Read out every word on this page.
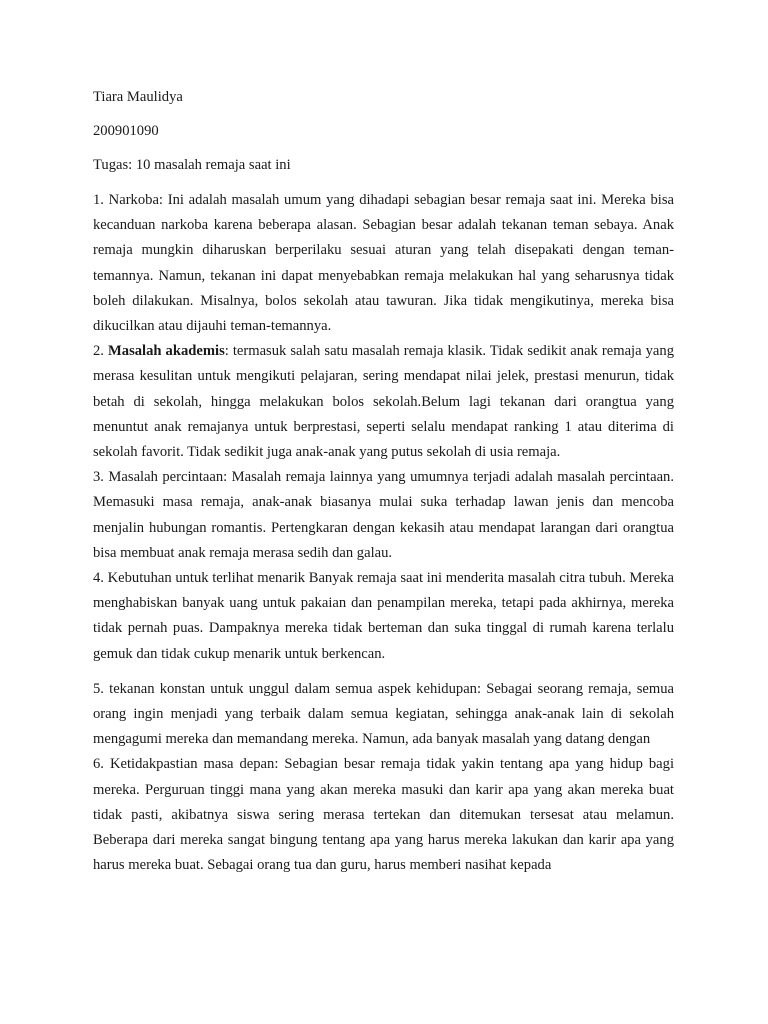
Tiara Maulidya

200901090

Tugas: 10 masalah remaja saat ini

1. Narkoba: Ini adalah masalah umum yang dihadapi sebagian besar remaja saat ini. Mereka bisa kecanduan narkoba karena beberapa alasan. Sebagian besar adalah tekanan teman sebaya. Anak remaja mungkin diharuskan berperilaku sesuai aturan yang telah disepakati dengan teman-temannya. Namun, tekanan ini dapat menyebabkan remaja melakukan hal yang seharusnya tidak boleh dilakukan. Misalnya, bolos sekolah atau tawuran. Jika tidak mengikutinya, mereka bisa dikucilkan atau dijauhi teman-temannya.

2. Masalah akademis: termasuk salah satu masalah remaja klasik. Tidak sedikit anak remaja yang merasa kesulitan untuk mengikuti pelajaran, sering mendapat nilai jelek, prestasi menurun, tidak betah di sekolah, hingga melakukan bolos sekolah.Belum lagi tekanan dari orangtua yang menuntut anak remajanya untuk berprestasi, seperti selalu mendapat ranking 1 atau diterima di sekolah favorit. Tidak sedikit juga anak-anak yang putus sekolah di usia remaja.

3. Masalah percintaan: Masalah remaja lainnya yang umumnya terjadi adalah masalah percintaan. Memasuki masa remaja, anak-anak biasanya mulai suka terhadap lawan jenis dan mencoba menjalin hubungan romantis. Pertengkaran dengan kekasih atau mendapat larangan dari orangtua bisa membuat anak remaja merasa sedih dan galau.

4. Kebutuhan untuk terlihat menarik Banyak remaja saat ini menderita masalah citra tubuh. Mereka menghabiskan banyak uang untuk pakaian dan penampilan mereka, tetapi pada akhirnya, mereka tidak pernah puas. Dampaknya mereka tidak berteman dan suka tinggal di rumah karena terlalu gemuk dan tidak cukup menarik untuk berkencan.

5. tekanan konstan untuk unggul dalam semua aspek kehidupan: Sebagai seorang remaja, semua orang ingin menjadi yang terbaik dalam semua kegiatan, sehingga anak-anak lain di sekolah mengagumi mereka dan memandang mereka. Namun, ada banyak masalah yang datang dengan

6. Ketidakpastian masa depan: Sebagian besar remaja tidak yakin tentang apa yang hidup bagi mereka. Perguruan tinggi mana yang akan mereka masuki dan karir apa yang akan mereka buat tidak pasti, akibatnya siswa sering merasa tertekan dan ditemukan tersesat atau melamun. Beberapa dari mereka sangat bingung tentang apa yang harus mereka lakukan dan karir apa yang harus mereka buat. Sebagai orang tua dan guru, harus memberi nasihat kepada
